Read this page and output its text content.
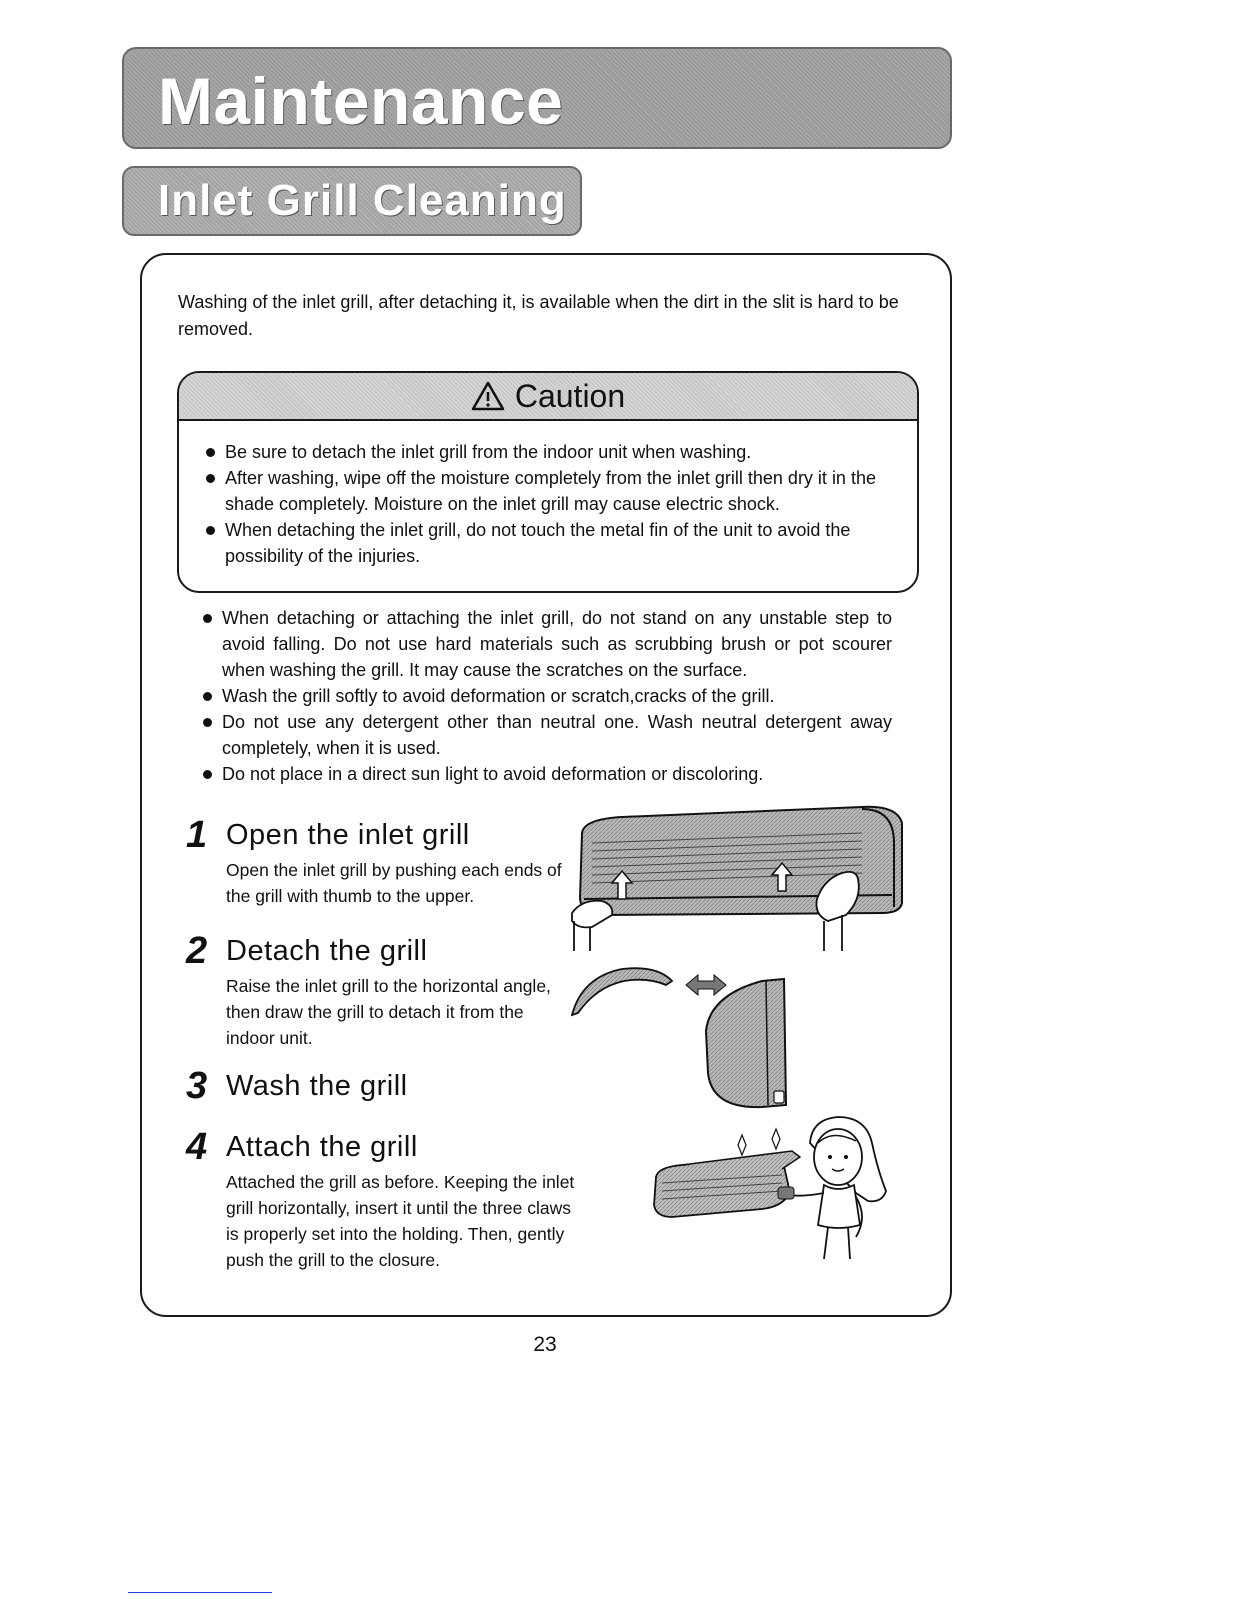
Maintenance
Inlet Grill Cleaning

Washing of the inlet grill, after detaching it, is available when the dirt in the slit is hard to be removed.

Caution
Be sure to detach the inlet grill from the indoor unit when washing.
After washing, wipe off the moisture completely from the inlet grill then dry it in the shade completely. Moisture on the inlet grill may cause electric shock.
When detaching the inlet grill, do not touch the metal fin of the unit to avoid the possibility of the injuries.
When detaching or attaching the inlet grill, do not stand on any unstable step to avoid falling. Do not use hard materials such as scrubbing brush or pot scourer when washing the grill. It may cause the scratches on the surface.
Wash the grill softly to avoid deformation or scratch,cracks of the grill.
Do not use any detergent other than neutral one. Wash neutral detergent away completely, when it is used.
Do not place in a direct sun light to avoid deformation or discoloring.
1 Open the inlet grill

Open the inlet grill by pushing each ends of the grill with thumb to the upper.

2 Detach the grill

Raise the inlet grill to the horizontal angle, then draw the grill to detach it from the indoor unit.

3 Wash the grill
4 Attach the grill

Attached the grill as before. Keeping the inlet grill horizontally, insert it until the three claws is properly set into the holding. Then, gently push the grill to the closure.

23
